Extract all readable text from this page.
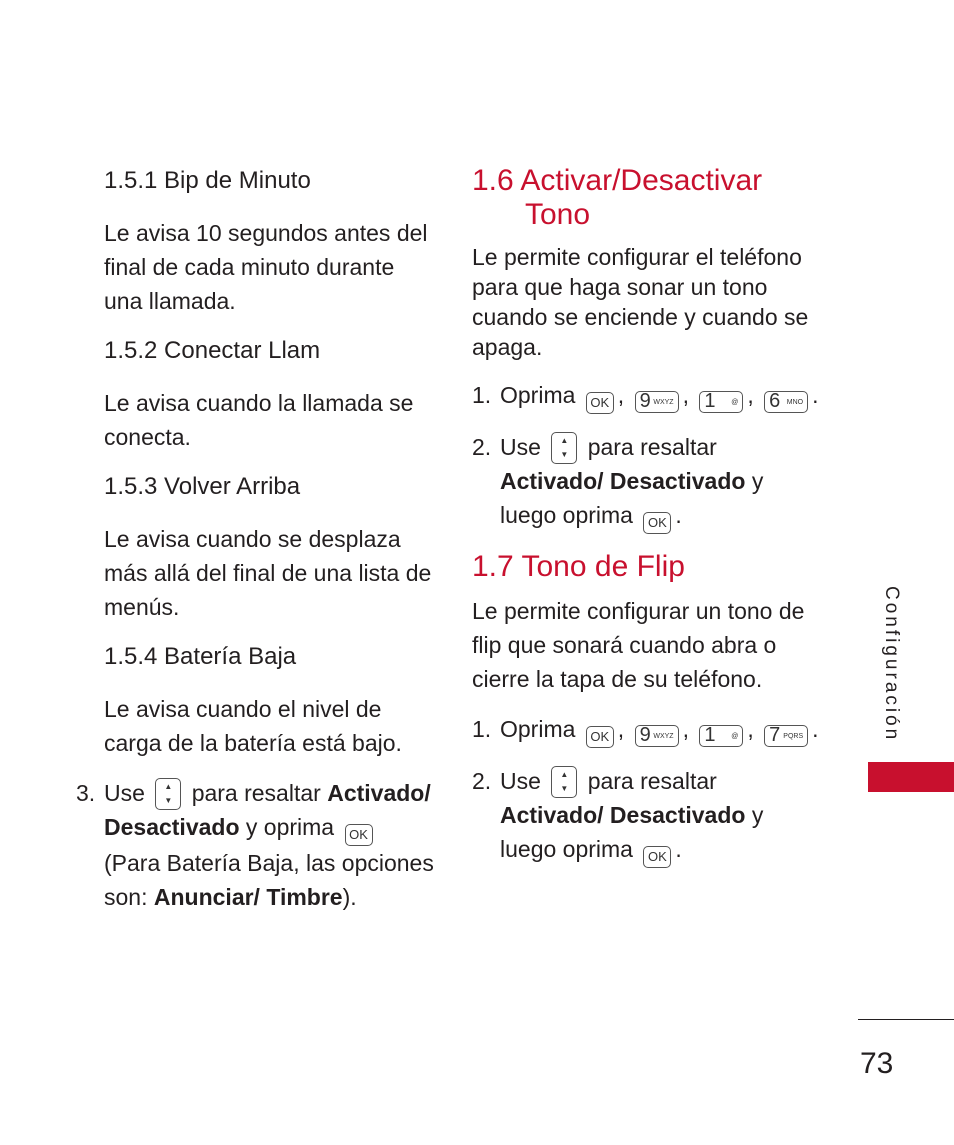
1.5.1 Bip de Minuto
Le avisa 10 segundos antes del final de cada minuto durante una llamada.
1.5.2 Conectar Llam
Le avisa cuando la llamada se conecta.
1.5.3 Volver Arriba
Le avisa cuando se desplaza más allá del final de una lista de menús.
1.5.4 Batería Baja
Le avisa cuando el nivel de carga de la batería está bajo.
3. Use	▲
▼ para resaltar Activado/ Desactivado y oprima OK (Para Batería Baja, las opciones son: Anunciar/ Timbre).
1.6 Activar/Desactivar
Tono
Le permite configurar el teléfono para que haga sonar un tono cuando se enciende y cuando se apaga.
1. Oprima OK , 9 WXYZ , 1 @ , 6 MNO .
2. Use	▲
▼ para resaltar
Activado/ Desactivado y
luego oprima OK .
1.7 Tono de Flip
Le permite configurar un tono de flip que sonará cuando abra o cierre la tapa de su teléfono.
1. Oprima OK , 9 WXYZ , 1 @ , 7 PQRS .
2. Use	▲
▼ para resaltar
Activado/ Desactivado y
luego oprima OK .
Configuración
73
